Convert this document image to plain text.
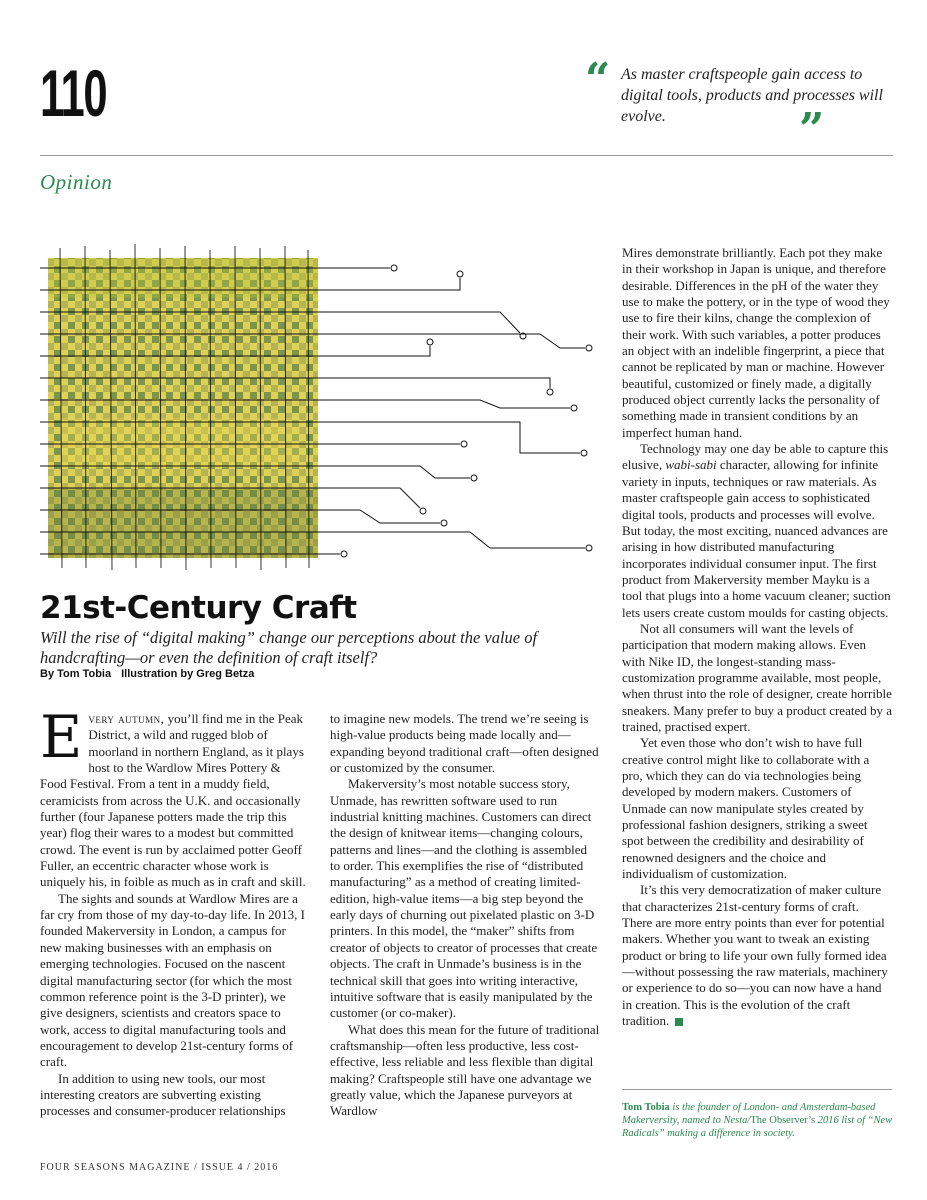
110	“ As master craftspeople gain access to digital tools, products and processes will evolve.	”
Opinion
21st-Century Craft
Will the rise of “digital making” change our perceptions about the value of handcrafting—or even the definition of craft itself?
By Tom Tobia Illustration by Greg Betza

Every autumn, you’ll find me in the Peak District, a wild and rugged blob of moorland in northern England, as it plays host to the Wardlow Mires Pottery & Food Festival. From a tent in a muddy field, ceramicists from across the U.K. and occasionally further (four Japanese potters made the trip this year) flog their wares to a modest but committed crowd. The event is run by acclaimed potter Geoff Fuller, an eccentric character whose work is uniquely his, in foible as much as in craft and skill.

The sights and sounds at Wardlow Mires are a far cry from those of my day-to-day life. In 2013, I founded Makerversity in London, a campus for new making businesses with an emphasis on emerging technologies. Focused on the nascent digital manufacturing sector (for which the most common reference point is the 3-D printer), we give designers, scientists and creators space to work, access to digital manufacturing tools and encouragement to develop 21st-century forms of craft.

In addition to using new tools, our most interesting creators are subverting existing processes and consumer-producer relationships

to imagine new models. The trend we’re seeing is high-value products being made locally and—expanding beyond traditional craft—often designed or customized by the consumer.

Makerversity’s most notable success story, Unmade, has rewritten software used to run industrial knitting machines. Customers can direct the design of knitwear items—changing colours, patterns and lines—and the clothing is assembled to order. This exemplifies the rise of “distributed manufacturing” as a method of creating limited-edition, high-value items—a big step beyond the early days of churning out pixelated plastic on 3-D printers. In this model, the “maker” shifts from creator of objects to creator of processes that create objects. The craft in Unmade’s business is in the technical skill that goes into writing interactive, intuitive software that is easily manipulated by the customer (or co-maker).

What does this mean for the future of traditional craftsmanship—often less productive, less cost-effective, less reliable and less flexible than digital making? Craftspeople still have one advantage we greatly value, which the Japanese purveyors at Wardlow

Mires demonstrate brilliantly. Each pot they make in their workshop in Japan is unique, and therefore desirable. Differences in the pH of the water they use to make the pottery, or in the type of wood they use to fire their kilns, change the complexion of their work. With such variables, a potter produces an object with an indelible fingerprint, a piece that cannot be replicated by man or machine. However beautiful, customized or finely made, a digitally produced object currently lacks the personality of something made in transient conditions by an imperfect human hand.

Technology may one day be able to capture this elusive, wabi-sabi character, allowing for infinite variety in inputs, techniques or raw materials. As master craftspeople gain access to sophisticated digital tools, products and processes will evolve. But today, the most exciting, nuanced advances are arising in how distributed manufacturing incorporates individual consumer input. The first product from Makerversity member Mayku is a tool that plugs into a home vacuum cleaner; suction lets users create custom moulds for casting objects.

Not all consumers will want the levels of participation that modern making allows. Even with Nike ID, the longest-standing mass-customization programme available, most people, when thrust into the role of designer, create horrible sneakers. Many prefer to buy a product created by a trained, practised expert.

Yet even those who don’t wish to have full creative control might like to collaborate with a pro, which they can do via technologies being developed by modern makers. Customers of Unmade can now manipulate styles created by professional fashion designers, striking a sweet spot between the credibility and desirability of renowned designers and the choice and individualism of customization.

It’s this very democratization of maker culture that characterizes 21st-century forms of craft. There are more entry points than ever for potential makers. Whether you want to tweak an existing product or bring to life your own fully formed idea—without possessing the raw materials, machinery or experience to do so—you can now have a hand in creation. This is the evolution of the craft tradition.

Tom Tobia is the founder of London- and Amsterdam-based Makerversity, named to Nesta/The Observer’s 2016 list of “New Radicals” making a difference in society.
FOUR SEASONS MAGAZINE / ISSUE 4 / 2016
